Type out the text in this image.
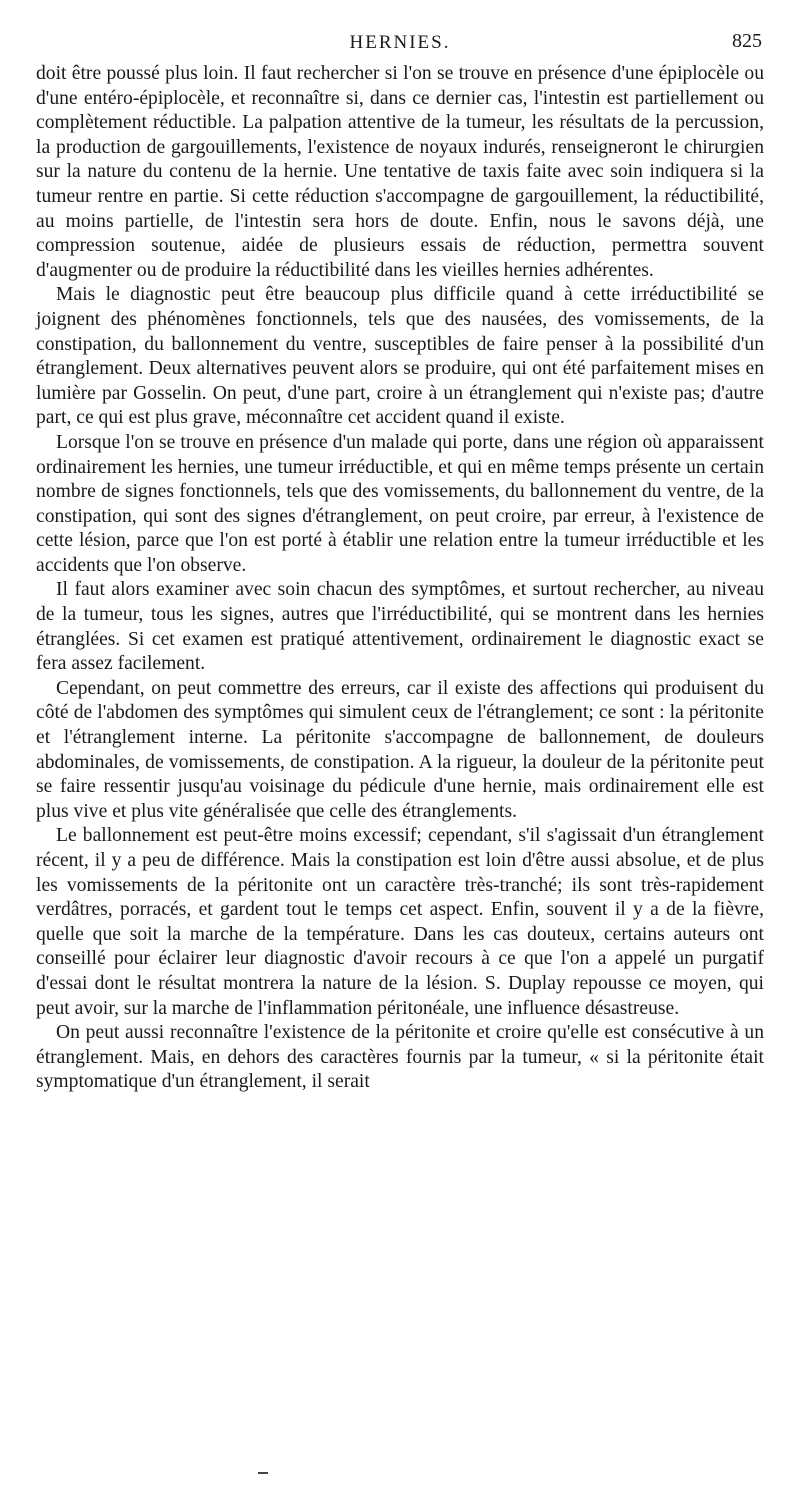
HERNIES.	825

doit être poussé plus loin. Il faut rechercher si l'on se trouve en présence d'une épiplocèle ou d'une entéro-épiplocèle, et reconnaître si, dans ce dernier cas, l'intestin est partiellement ou complètement réductible. La palpation attentive de la tumeur, les résultats de la percussion, la production de gargouillements, l'existence de noyaux indurés, renseigneront le chirurgien sur la nature du contenu de la hernie. Une tentative de taxis faite avec soin indiquera si la tumeur rentre en partie. Si cette réduction s'accompagne de gargouillement, la réductibilité, au moins partielle, de l'intestin sera hors de doute. Enfin, nous le savons déjà, une compression soutenue, aidée de plusieurs essais de réduction, permettra souvent d'augmenter ou de produire la réductibilité dans les vieilles hernies adhérentes.

Mais le diagnostic peut être beaucoup plus difficile quand à cette irréductibilité se joignent des phénomènes fonctionnels, tels que des nausées, des vomissements, de la constipation, du ballonnement du ventre, susceptibles de faire penser à la possibilité d'un étranglement. Deux alternatives peuvent alors se produire, qui ont été parfaitement mises en lumière par Gosselin. On peut, d'une part, croire à un étranglement qui n'existe pas; d'autre part, ce qui est plus grave, méconnaître cet accident quand il existe.

Lorsque l'on se trouve en présence d'un malade qui porte, dans une région où apparaissent ordinairement les hernies, une tumeur irréductible, et qui en même temps présente un certain nombre de signes fonctionnels, tels que des vomissements, du ballonnement du ventre, de la constipation, qui sont des signes d'étranglement, on peut croire, par erreur, à l'existence de cette lésion, parce que l'on est porté à établir une relation entre la tumeur irréductible et les accidents que l'on observe.

Il faut alors examiner avec soin chacun des symptômes, et surtout rechercher, au niveau de la tumeur, tous les signes, autres que l'irréductibilité, qui se montrent dans les hernies étranglées. Si cet examen est pratiqué attentivement, ordinairement le diagnostic exact se fera assez facilement.

Cependant, on peut commettre des erreurs, car il existe des affections qui produisent du côté de l'abdomen des symptômes qui simulent ceux de l'étranglement; ce sont : la péritonite et l'étranglement interne. La péritonite s'accompagne de ballonnement, de douleurs abdominales, de vomissements, de constipation. A la rigueur, la douleur de la péritonite peut se faire ressentir jusqu'au voisinage du pédicule d'une hernie, mais ordinairement elle est plus vive et plus vite généralisée que celle des étranglements.

Le ballonnement est peut-être moins excessif; cependant, s'il s'agissait d'un étranglement récent, il y a peu de différence. Mais la constipation est loin d'être aussi absolue, et de plus les vomissements de la péritonite ont un caractère très-tranché; ils sont très-rapidement verdâtres, porracés, et gardent tout le temps cet aspect. Enfin, souvent il y a de la fièvre, quelle que soit la marche de la température. Dans les cas douteux, certains auteurs ont conseillé pour éclairer leur diagnostic d'avoir recours à ce que l'on a appelé un purgatif d'essai dont le résultat montrera la nature de la lésion. S. Duplay repousse ce moyen, qui peut avoir, sur la marche de l'inflammation péritonéale, une influence désastreuse.

On peut aussi reconnaître l'existence de la péritonite et croire qu'elle est consécutive à un étranglement. Mais, en dehors des caractères fournis par la tumeur, « si la péritonite était symptomatique d'un étranglement, il serait
